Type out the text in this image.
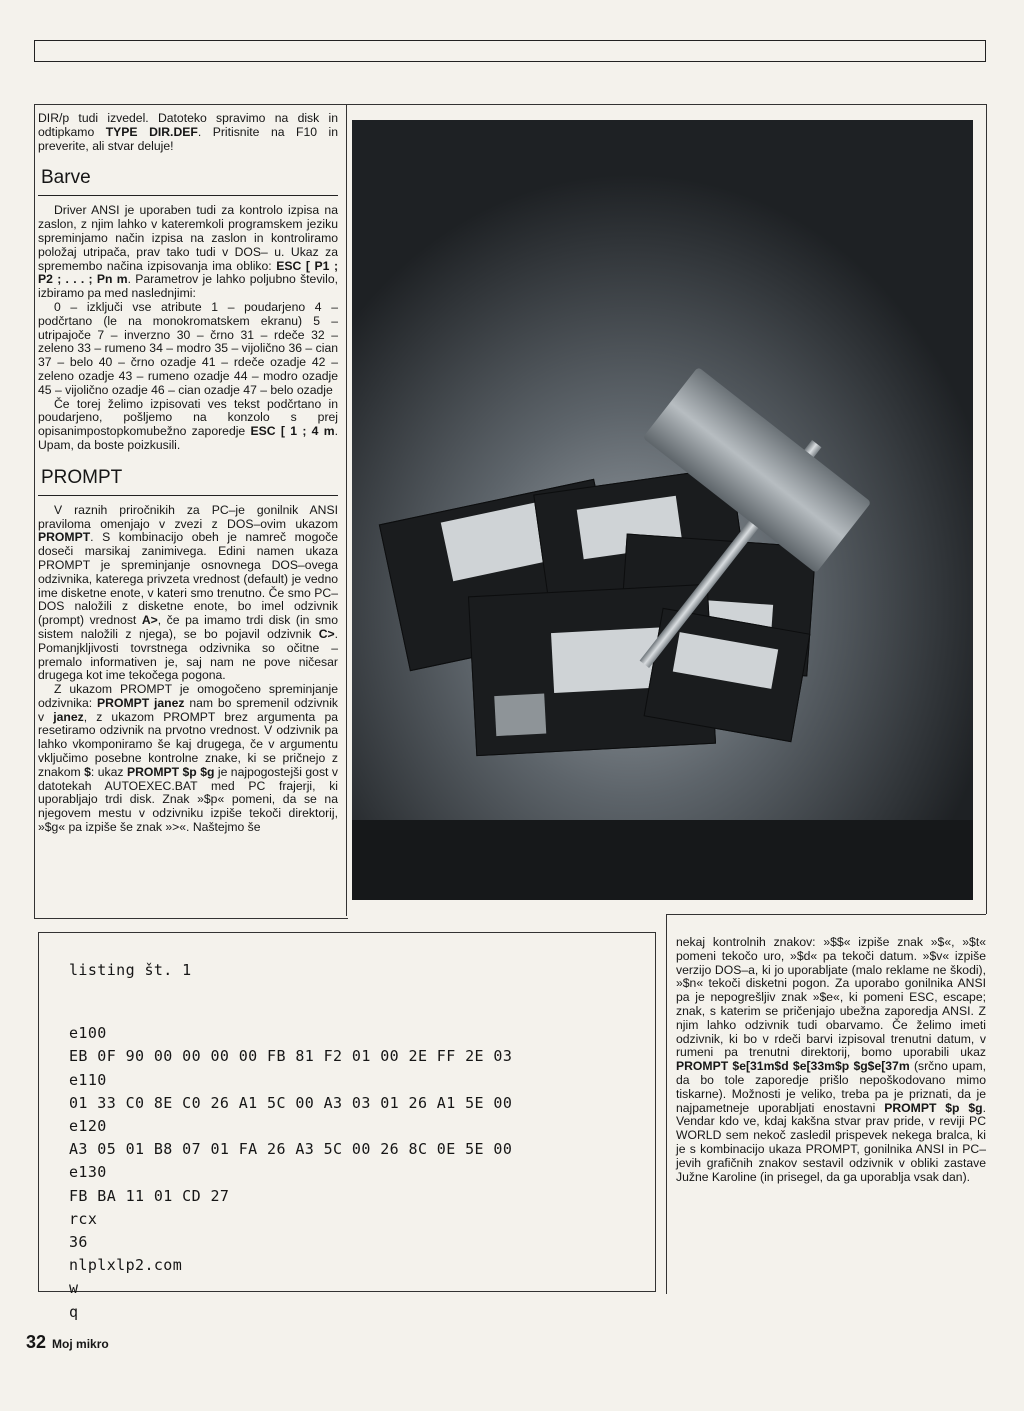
DIR/p tudi izvedel. Datoteko spravimo na disk in odtipkamo TYPE DIR.DEF. Pritisnite na F10 in preverite, ali stvar deluje!

Barve

Driver ANSI je uporaben tudi za kontrolo izpisa na zaslon, z njim lahko v kateremkoli programskem jeziku spreminjamo način izpisa na zaslon in kontroliramo položaj utripača, prav tako tudi v DOS– u. Ukaz za spremembo načina izpisovanja ima obliko: ESC [ P1 ; P2 ; . . . ; Pn m. Parametrov je lahko poljubno število, izbiramo pa med naslednjimi:

0 – izključi vse atribute 1 – poudarjeno 4 – podčrtano (le na monokromatskem ekranu) 5 – utripajoče 7 – inverzno 30 – črno 31 – rdeče 32 – zeleno 33 – rumeno 34 – modro 35 – vijolično 36 – cian 37 – belo 40 – črno ozadje 41 – rdeče ozadje 42 – zeleno ozadje 43 – rumeno ozadje 44 – modro ozadje 45 – vijolično ozadje 46 – cian ozadje 47 – belo ozadje

Če torej želimo izpisovati ves tekst podčrtano in poudarjeno, pošljemo na konzolo s prej opisanimpostopkomubežno zaporedje ESC [ 1 ; 4 m. Upam, da boste poizkusili.

PROMPT

V raznih priročnikih za PC–je gonilnik ANSI praviloma omenjajo v zvezi z DOS–ovim ukazom PROMPT. S kombinacijo obeh je namreč mogoče doseči marsikaj zanimivega. Edini namen ukaza PROMPT je spreminjanje osnovnega DOS–ovega odzivnika, katerega privzeta vrednost (default) je vedno ime disketne enote, v kateri smo trenutno. Če smo PC–DOS naložili z disketne enote, bo imel odzivnik (prompt) vrednost A>, če pa imamo trdi disk (in smo sistem naložili z njega), se bo pojavil odzivnik C>. Pomanjkljivosti tovrstnega odzivnika so očitne – premalo informativen je, saj nam ne pove ničesar drugega kot ime tekočega pogona.

Z ukazom PROMPT je omogočeno spreminjanje odzivnika: PROMPT janez nam bo spremenil odzivnik v janez, z ukazom PROMPT brez argumenta pa resetiramo odzivnik na prvotno vrednost. V odzivnik pa lahko vkomponiramo še kaj drugega, če v argumentu vključimo posebne kontrolne znake, ki se pričnejo z znakom $: ukaz PROMPT $p $g je najpogostejši gost v datotekah AUTOEXEC.BAT med PC frajerji, ki uporabljajo trdi disk. Znak »$p« pomeni, da se na njegovem mestu v odzivniku izpiše tekoči direktorij, »$g« pa izpiše še znak »>«. Naštejmo še

listing št. 1
e100
EB 0F 90 00 00 00 00 FB 81 F2 01 00 2E FF 2E 03
e110
01 33 C0 8E C0 26 A1 5C 00 A3 03 01 26 A1 5E 00
e120
A3 05 01 B8 07 01 FA 26 A3 5C 00 26 8C 0E 5E 00
e130
FB BA 11 01 CD 27
rcx
36
nlplxlp2.com
w
q

nekaj kontrolnih znakov: »$$« izpiše znak »$«, »$t« pomeni tekočo uro, »$d« pa tekoči datum. »$v« izpiše verzijo DOS–a, ki jo uporabljate (malo reklame ne škodi), »$n« tekoči disketni pogon. Za uporabo gonilnika ANSI pa je nepogrešljiv znak »$e«, ki pomeni ESC, escape; znak, s katerim se pričenjajo ubežna zaporedja ANSI. Z njim lahko odzivnik tudi obarvamo. Če želimo imeti odzivnik, ki bo v rdeči barvi izpisoval trenutni datum, v rumeni pa trenutni direktorij, bomo uporabili ukaz PROMPT $e[31m$d $e[33m$p $g$e[37m (srčno upam, da bo tole zaporedje prišlo nepoškodovano mimo tiskarne). Možnosti je veliko, treba pa je priznati, da je najpametneje uporabljati enostavni PROMPT $p $g. Vendar kdo ve, kdaj kakšna stvar prav pride, v reviji PC WORLD sem nekoč zasledil prispevek nekega bralca, ki je s kombinacijo ukaza PROMPT, gonilnika ANSI in PC–jevih grafičnih znakov sestavil odzivnik v obliki zastave Južne Karoline (in prisegel, da ga uporablja vsak dan).

32 Moj mikro
